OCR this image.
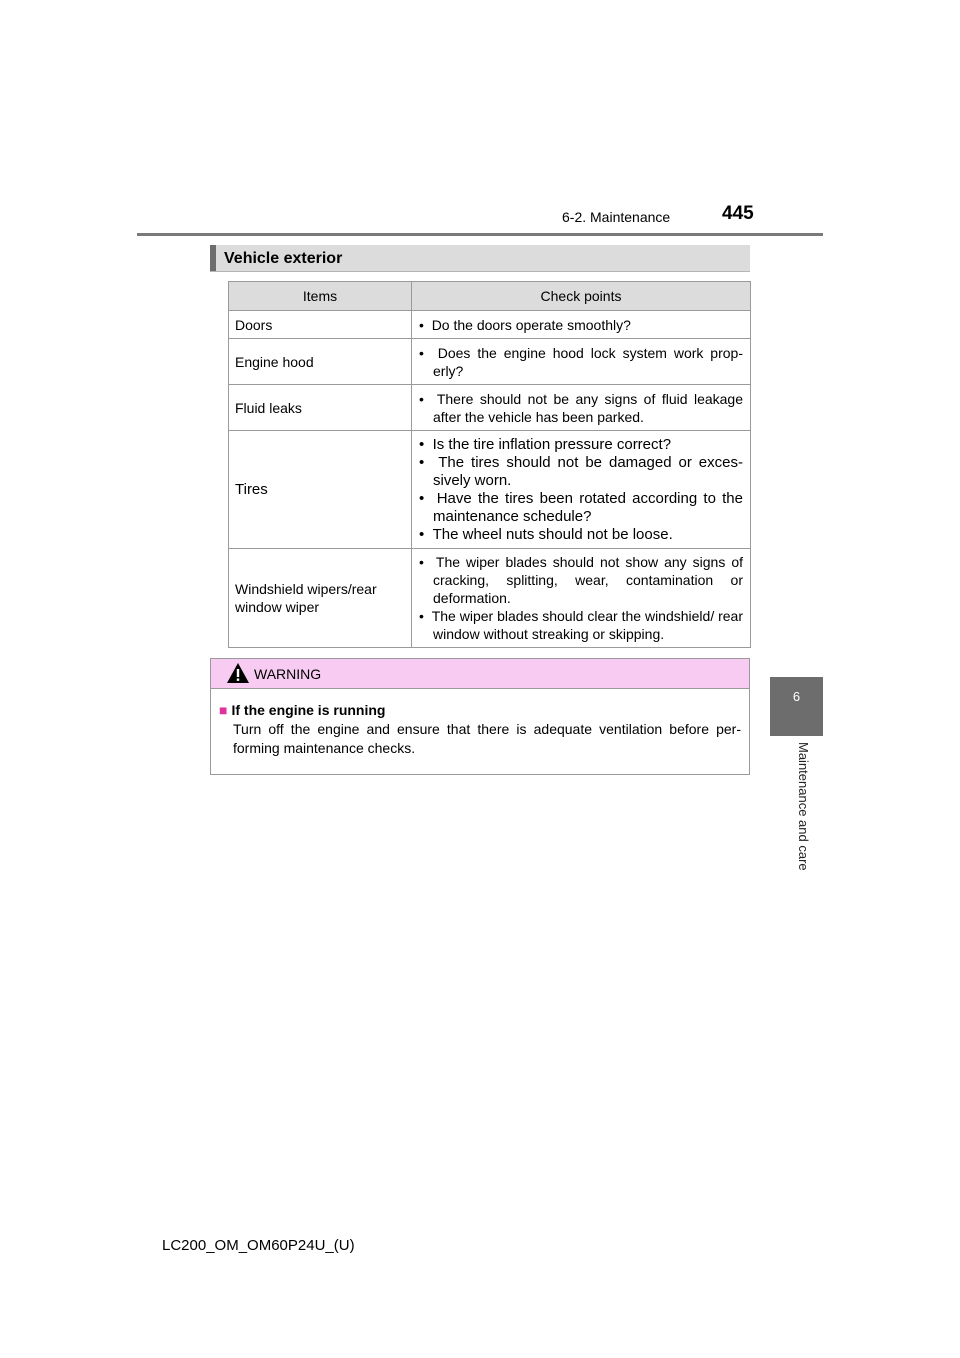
6-2. Maintenance	445
6
Maintenance and care
Vehicle exterior
Items	Check points
Doors	•  Do the doors operate smoothly?

Engine hood	•  Does the engine hood lock system work prop-erly?

Fluid leaks	•  There should not be any signs of fluid leakage after the vehicle has been parked.

Tires	•  Is the tire inflation pressure correct?
•  The tires should not be damaged or exces-sively worn.
•  Have the tires been rotated according to the maintenance schedule?
•  The wheel nuts should not be loose.

Windshield wipers/rear window wiper	•  The wiper blades should not show any signs of cracking, splitting, wear, contamination or deformation.
•  The wiper blades should clear the windshield/ rear window without streaking or skipping.
WARNING
■ If the engine is running
Turn off the engine and ensure that there is adequate ventilation before per-forming maintenance checks.
LC200_OM_OM60P24U_(U)
